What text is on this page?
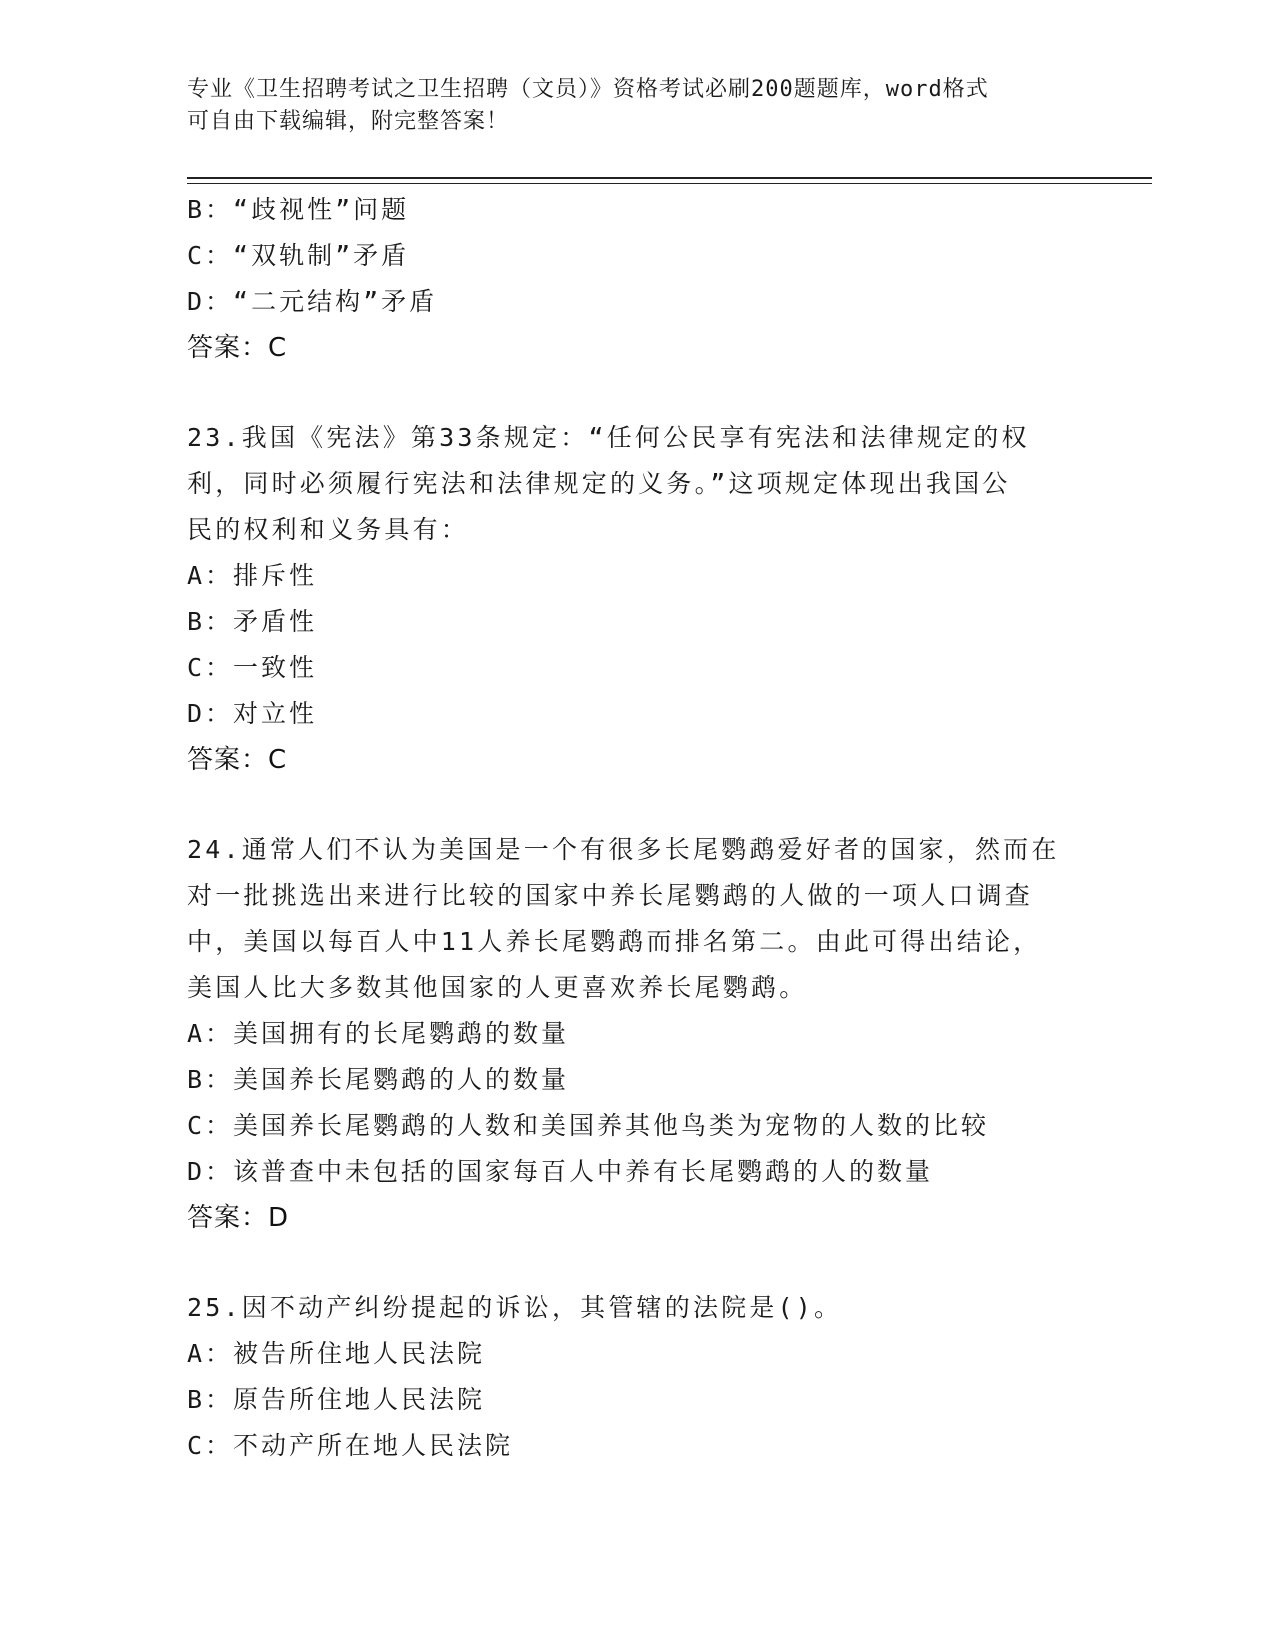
专业《卫生招聘考试之卫生招聘（文员）》资格考试必刷200题题库，word格式
可自由下载编辑，附完整答案！
B：“歧视性”问题
C：“双轨制”矛盾
D：“二元结构”矛盾
答案：C
23.我国《宪法》第33条规定：“任何公民享有宪法和法律规定的权
利，同时必须履行宪法和法律规定的义务。”这项规定体现出我国公
民的权利和义务具有：
A：排斥性
B：矛盾性
C：一致性
D：对立性
答案：C
24.通常人们不认为美国是一个有很多长尾鹦鹉爱好者的国家，然而在
对一批挑选出来进行比较的国家中养长尾鹦鹉的人做的一项人口调查
中，美国以每百人中11人养长尾鹦鹉而排名第二。由此可得出结论，
美国人比大多数其他国家的人更喜欢养长尾鹦鹉。
A：美国拥有的长尾鹦鹉的数量
B：美国养长尾鹦鹉的人的数量
C：美国养长尾鹦鹉的人数和美国养其他鸟类为宠物的人数的比较
D：该普查中未包括的国家每百人中养有长尾鹦鹉的人的数量
答案：D
25.因不动产纠纷提起的诉讼，其管辖的法院是()。
A：被告所住地人民法院
B：原告所住地人民法院
C：不动产所在地人民法院
